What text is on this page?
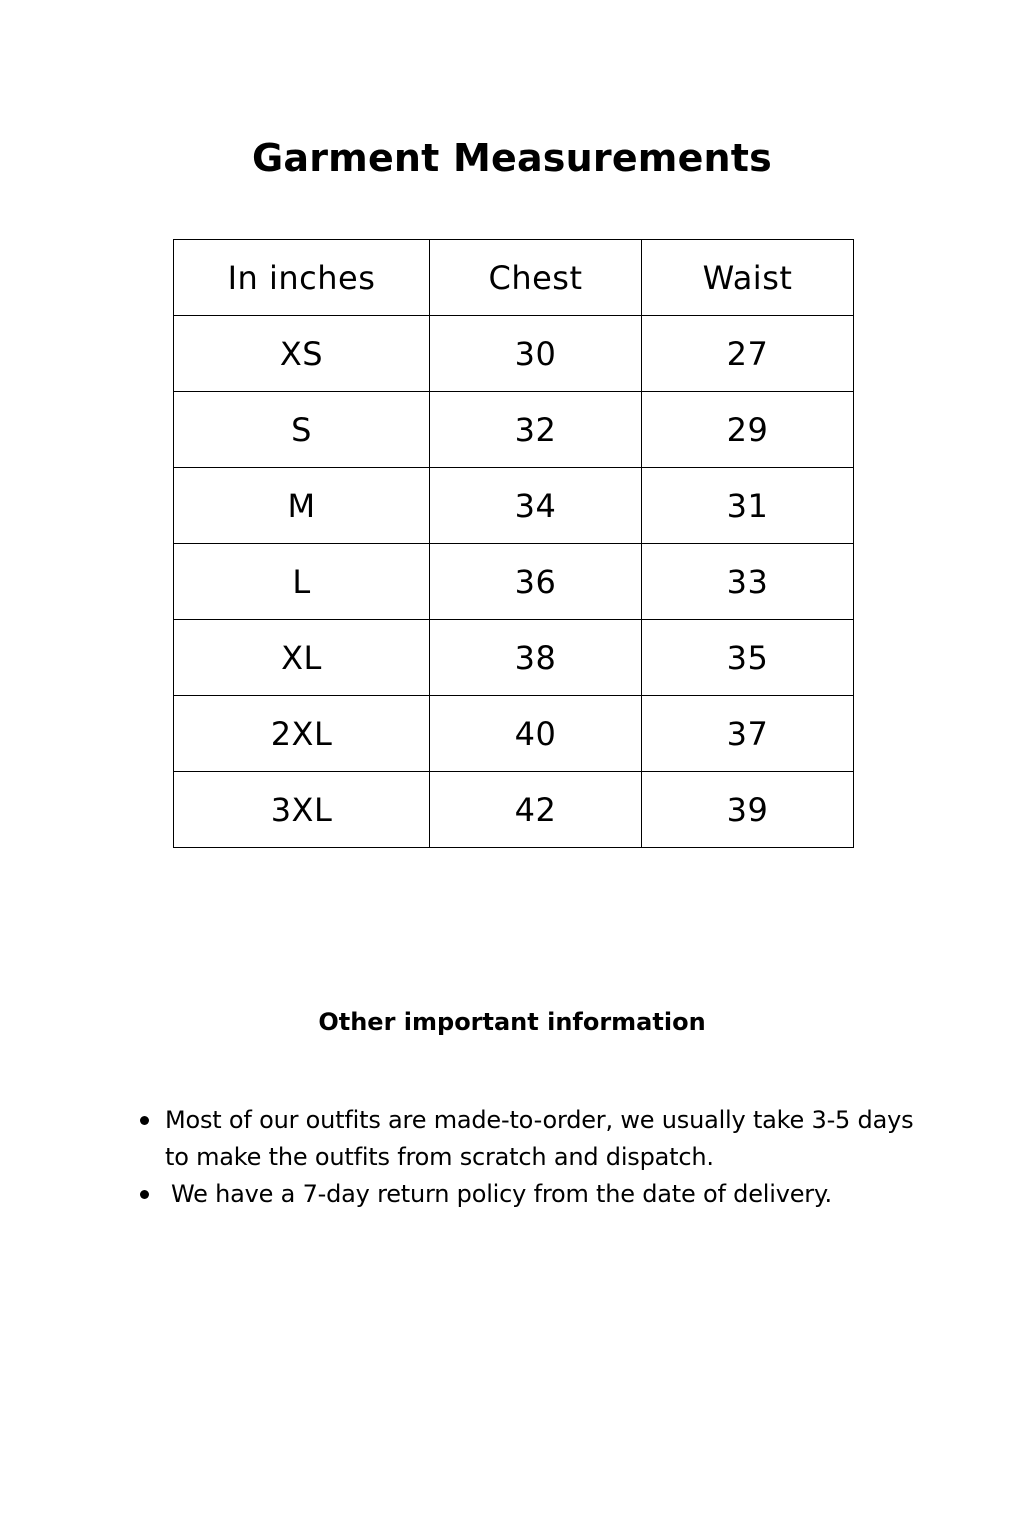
Garment Measurements
In inches	Chest	Waist
XS	30	27
S	32	29
M	34	31
L	36	33
XL	38	35
2XL	40	37
3XL	42	39
Other important information
Most of our outfits are made-to-order, we usually take 3-5 days to make the outfits from scratch and dispatch.
We have a 7-day return policy from the date of delivery.
